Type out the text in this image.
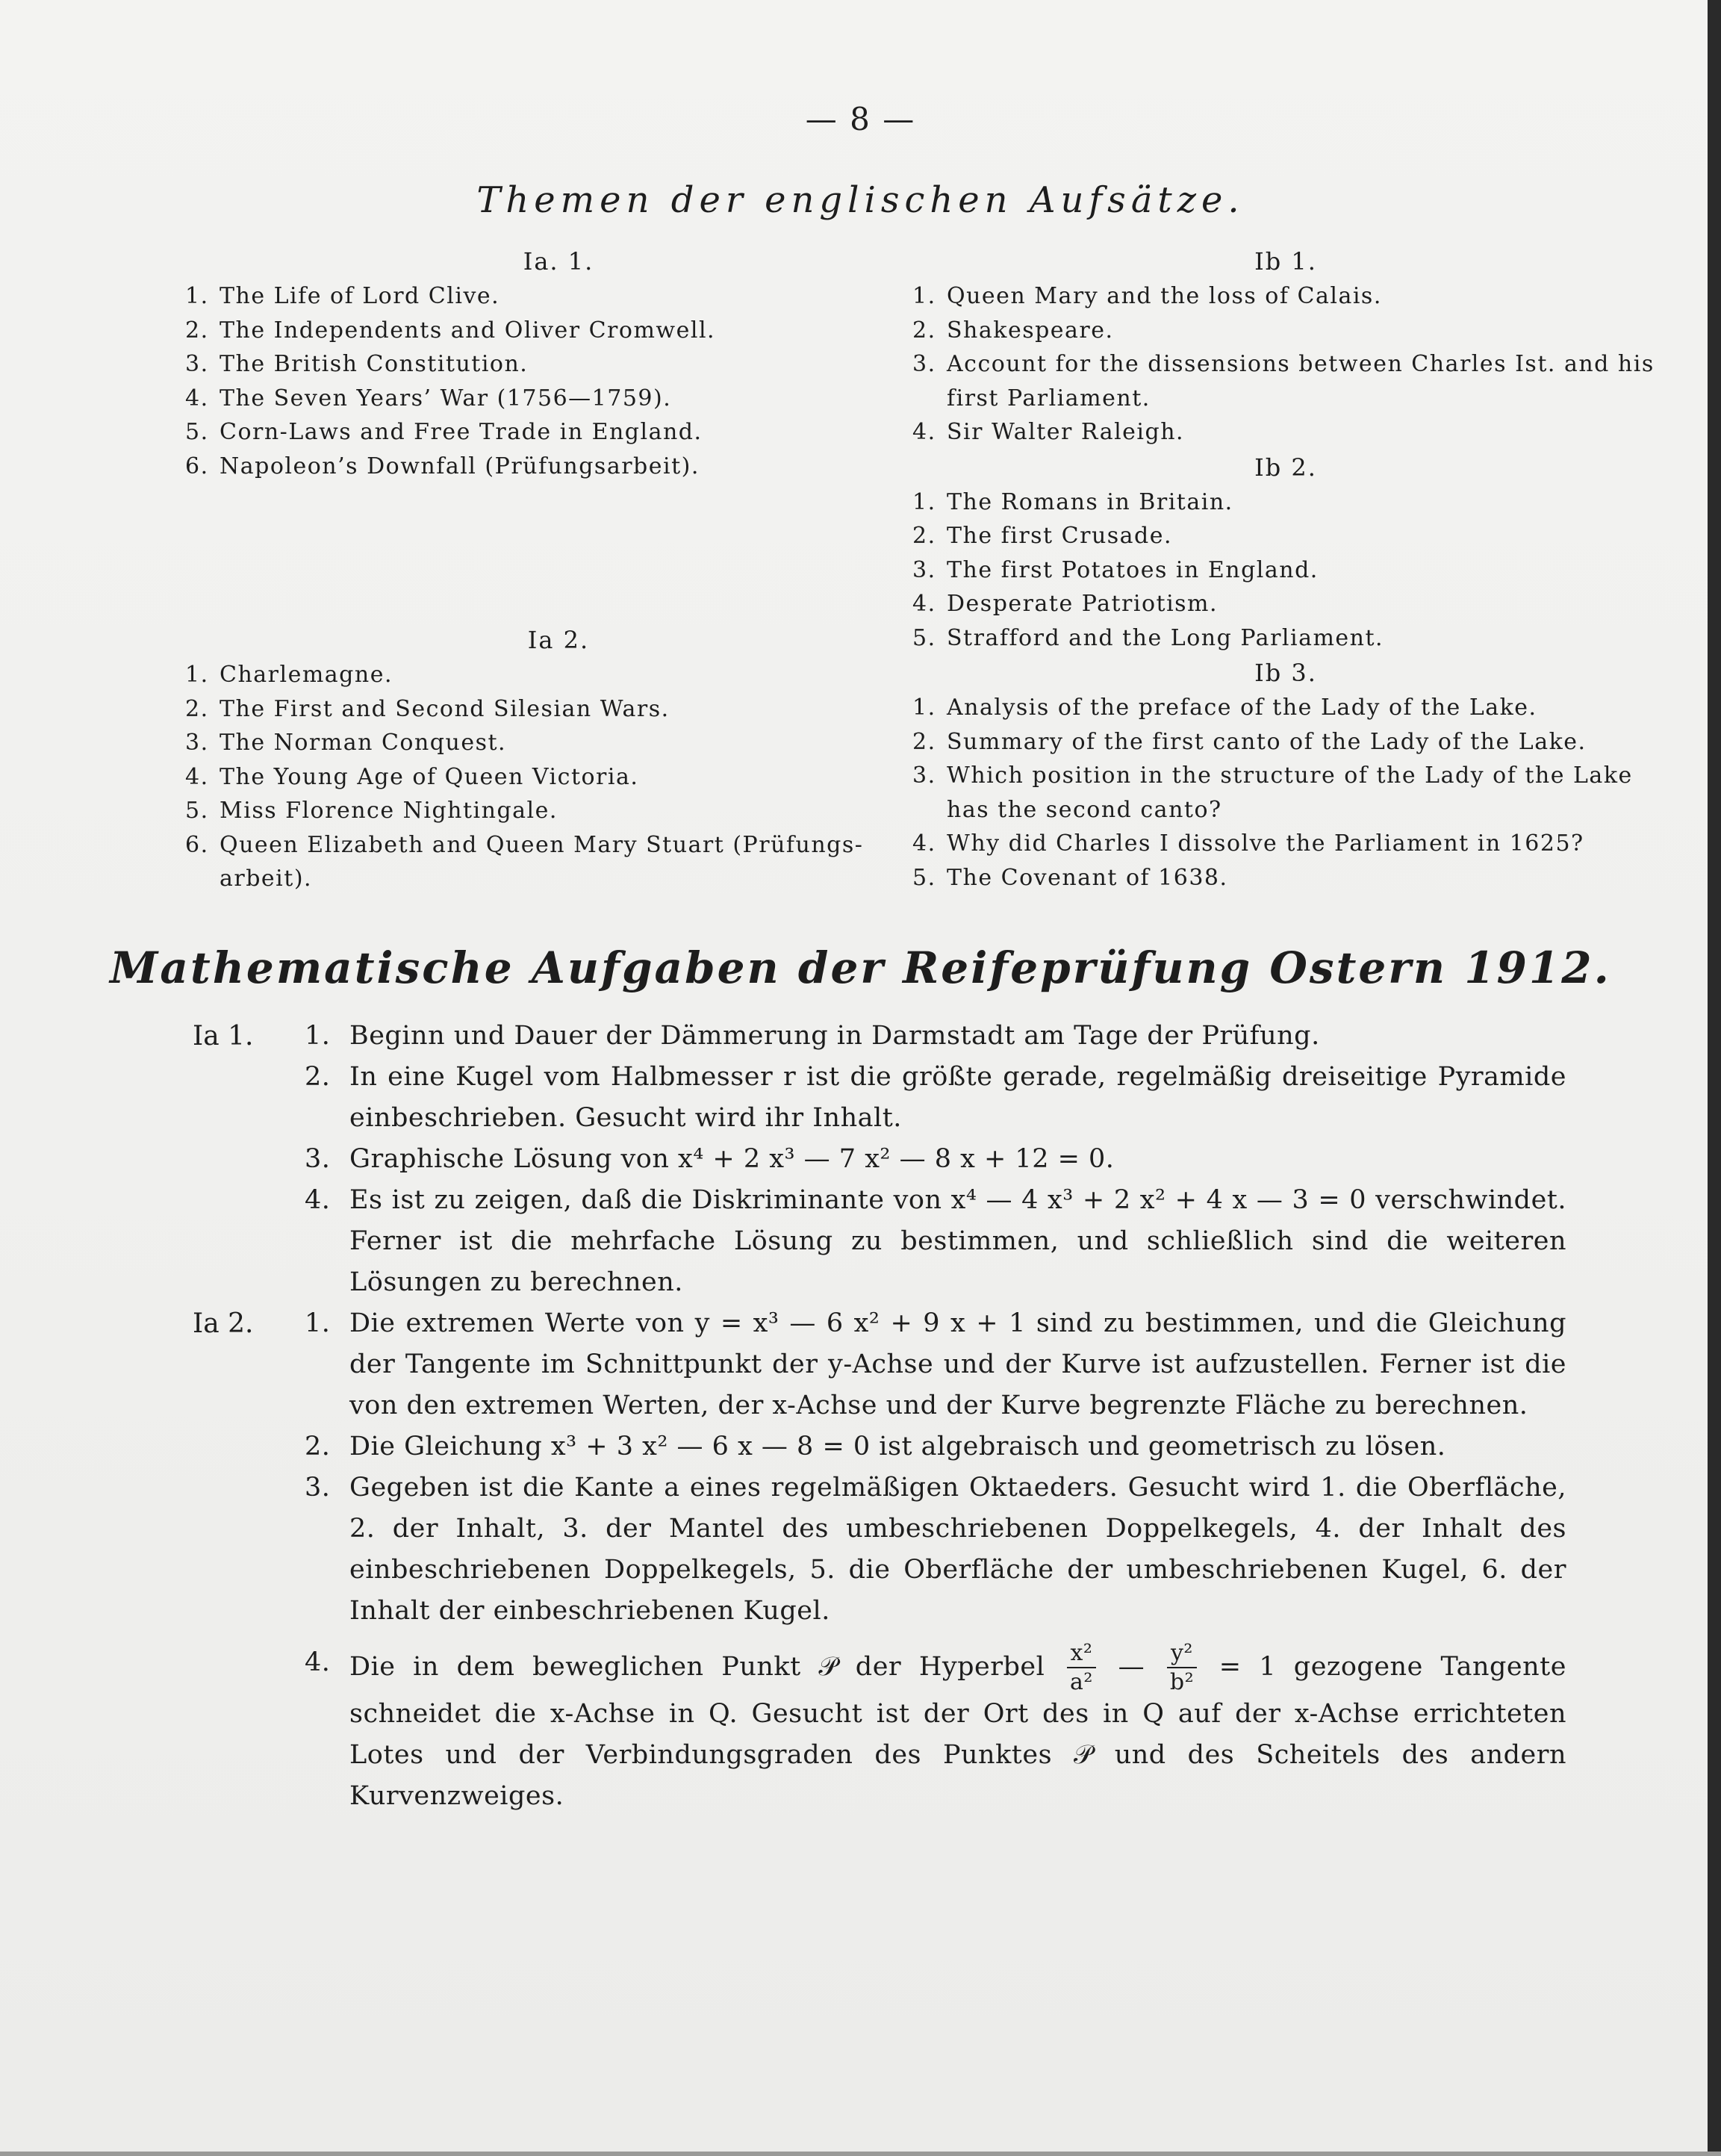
— 8 —
Themen der englischen Aufsätze.
Ia. 1.
1. The Life of Lord Clive.
2. The Independents and Oliver Cromwell.
3. The British Constitution.
4. The Seven Years’ War (1756—1759).
5. Corn-Laws and Free Trade in England.
6. Napoleon’s Downfall (Prüfungsarbeit).
Ia 2.
1. Charlemagne.
2. The First and Second Silesian Wars.
3. The Norman Conquest.
4. The Young Age of Queen Victoria.
5. Miss Florence Nightingale.
6. Queen Elizabeth and Queen Mary Stuart (Prüfungs-arbeit).
Ib 1.
1. Queen Mary and the loss of Calais.
2. Shakespeare.
3. Account for the dissensions between Charles Ist. and his first Parliament.
4. Sir Walter Raleigh.
Ib 2.
1. The Romans in Britain.
2. The first Crusade.
3. The first Potatoes in England.
4. Desperate Patriotism.
5. Strafford and the Long Parliament.
Ib 3.
1. Analysis of the preface of the Lady of the Lake.
2. Summary of the first canto of the Lady of the Lake.
3. Which position in the structure of the Lady of the Lake has the second canto?
4. Why did Charles I dissolve the Parliament in 1625?
5. The Covenant of 1638.
Mathematische Aufgaben der Reifeprüfung Ostern 1912.
Ia 1.	1. Beginn und Dauer der Dämmerung in Darmstadt am Tage der Prüfung.
2. In eine Kugel vom Halbmesser r ist die größte gerade, regelmäßig dreiseitige Pyramide einbeschrieben. Gesucht wird ihr Inhalt.
3. Graphische Lösung von x⁴ + 2 x³ — 7 x² — 8 x + 12 = 0.
4. Es ist zu zeigen, daß die Diskriminante von x⁴ — 4 x³ + 2 x² + 4 x — 3 = 0 verschwindet. Ferner ist die mehrfache Lösung zu bestimmen, und schließlich sind die weiteren Lösungen zu berechnen.
Ia 2.	1. Die extremen Werte von y = x³ — 6 x² + 9 x + 1 sind zu bestimmen, und die Gleichung der Tangente im Schnittpunkt der y-Achse und der Kurve ist aufzustellen. Ferner ist die von den extremen Werten, der x-Achse und der Kurve begrenzte Fläche zu berechnen.
2. Die Gleichung x³ + 3 x² — 6 x — 8 = 0 ist algebraisch und geometrisch zu lösen.
3. Gegeben ist die Kante a eines regelmäßigen Oktaeders. Gesucht wird 1. die Oberfläche, 2. der Inhalt, 3. der Mantel des umbeschriebenen Doppelkegels, 4. der Inhalt des einbeschriebenen Doppelkegels, 5. die Oberfläche der umbeschriebenen Kugel, 6. der Inhalt der einbeschriebenen Kugel.
4. Die in dem beweglichen Punkt 𝒫 der Hyperbel $\frac{\text{x²}}{\text{a²}}$ — $\frac{\text{y²}}{\text{b²}} = 1$ gezogene Tangente schneidet die x-Achse in Q. Gesucht ist der Ort des in Q auf der x-Achse errichteten Lotes und der Verbindungsgraden des Punktes 𝒫 und des Scheitels des andern Kurvenzweiges.
